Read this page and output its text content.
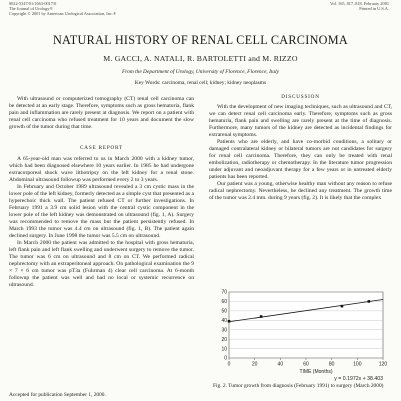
0022-5347/01/1663-0017/0
The Journal of Urology®
Copyright © 2001 by American Urological Association, Inc.®
Vol. 165, 817–818, February 2001
Printed in U.S.A.
NATURAL HISTORY OF RENAL CELL CARCINOMA
M. GACCI, A. NATALI, R. BARTOLETTI and M. RIZZO
From the Department of Urology, University of Florence, Florence, Italy
Key Words: carcinoma, renal cell; kidney; kidney neoplasms

With ultrasound or computerized tomography (CT) renal cell carcinoma can be detected at an early stage. Therefore, symptoms such as gross hematuria, flank pain and inflammation are rarely present at diagnosis. We report on a patient with renal cell carcinoma who refused treatment for 10 years and document the slow growth of the tumor during that time.

CASE REPORT

A 65-year-old man was referred to us in March 2000 with a kidney tumor, which had been diagnosed elsewhere 10 years earlier. In 1985 he had undergone extracorporeal shock wave lithotripsy on the left kidney for a renal stone. Abdominal ultrasound followup was performed every 2 to 3 years.

In February and October 1989 ultrasound revealed a 3 cm cystic mass in the lower pole of the left kidney, formerly detected as a simple cyst that presented as a hyperechoic thick wall. The patient refused CT or further investigations. In February 1991 a 3.9 cm solid lesion with the central cystic component in the lower pole of the left kidney was demonstrated on ultrasound (fig. 1, A). Surgery was recommended to remove the mass but the patient persistently refused. In March 1993 the tumor was 4.4 cm on ultrasound (fig. 1, B). The patient again declined surgery. In June 1998 the tumor was 5.5 cm on ultrasound.

In March 2000 the patient was admitted to the hospital with gross hematuria, left flank pain and left flank swelling and underwent surgery to remove the tumor. The tumor was 6 cm on ultrasound and 8 cm on CT. We performed radical nephrectomy with an extraperitoneal approach. On pathological examination the 9 × 7 × 6 cm tumor was pT3a (Fuhrman 4) clear cell carcinoma. At 6-month followup the patient was well and had no local or systemic recurrence on ultrasound.

DISCUSSION

With the development of new imaging techniques, such as ultrasound and CT, we can detect renal cell carcinoma early. Therefore, symptoms such as gross hematuria, flank pain and swelling are rarely present at the time of diagnosis. Furthermore, many tumors of the kidney are detected as incidental findings for extrarenal symptoms.

Patients who are elderly, and have co-morbid conditions, a solitary or damaged contralateral kidney or bilateral tumors are not candidates for surgery for renal cell carcinoma. Therefore, they can only be treated with renal embolization, radiotherapy or chemotherapy. In the literature tumor progression under adjuvant and neoadjuvant therapy for a few years or in untreated elderly patients has been reported.

Our patient was a young, otherwise healthy man without any reason to refuse radical nephrectomy. Nevertheless, he declined any treatment. The growth time of the tumor was 2.4 mm. during 9 years (fig. 2). It is likely that the complex

0
10
20
30
40
50
60
70
0	20	40	60	80	100	120
TIME (Months)
y = 0.1972x + 38.403
Fig. 2. Tumor growth from diagnosis (February 1991) to surgery (March 2000)
Accepted for publication September 1, 2000.
